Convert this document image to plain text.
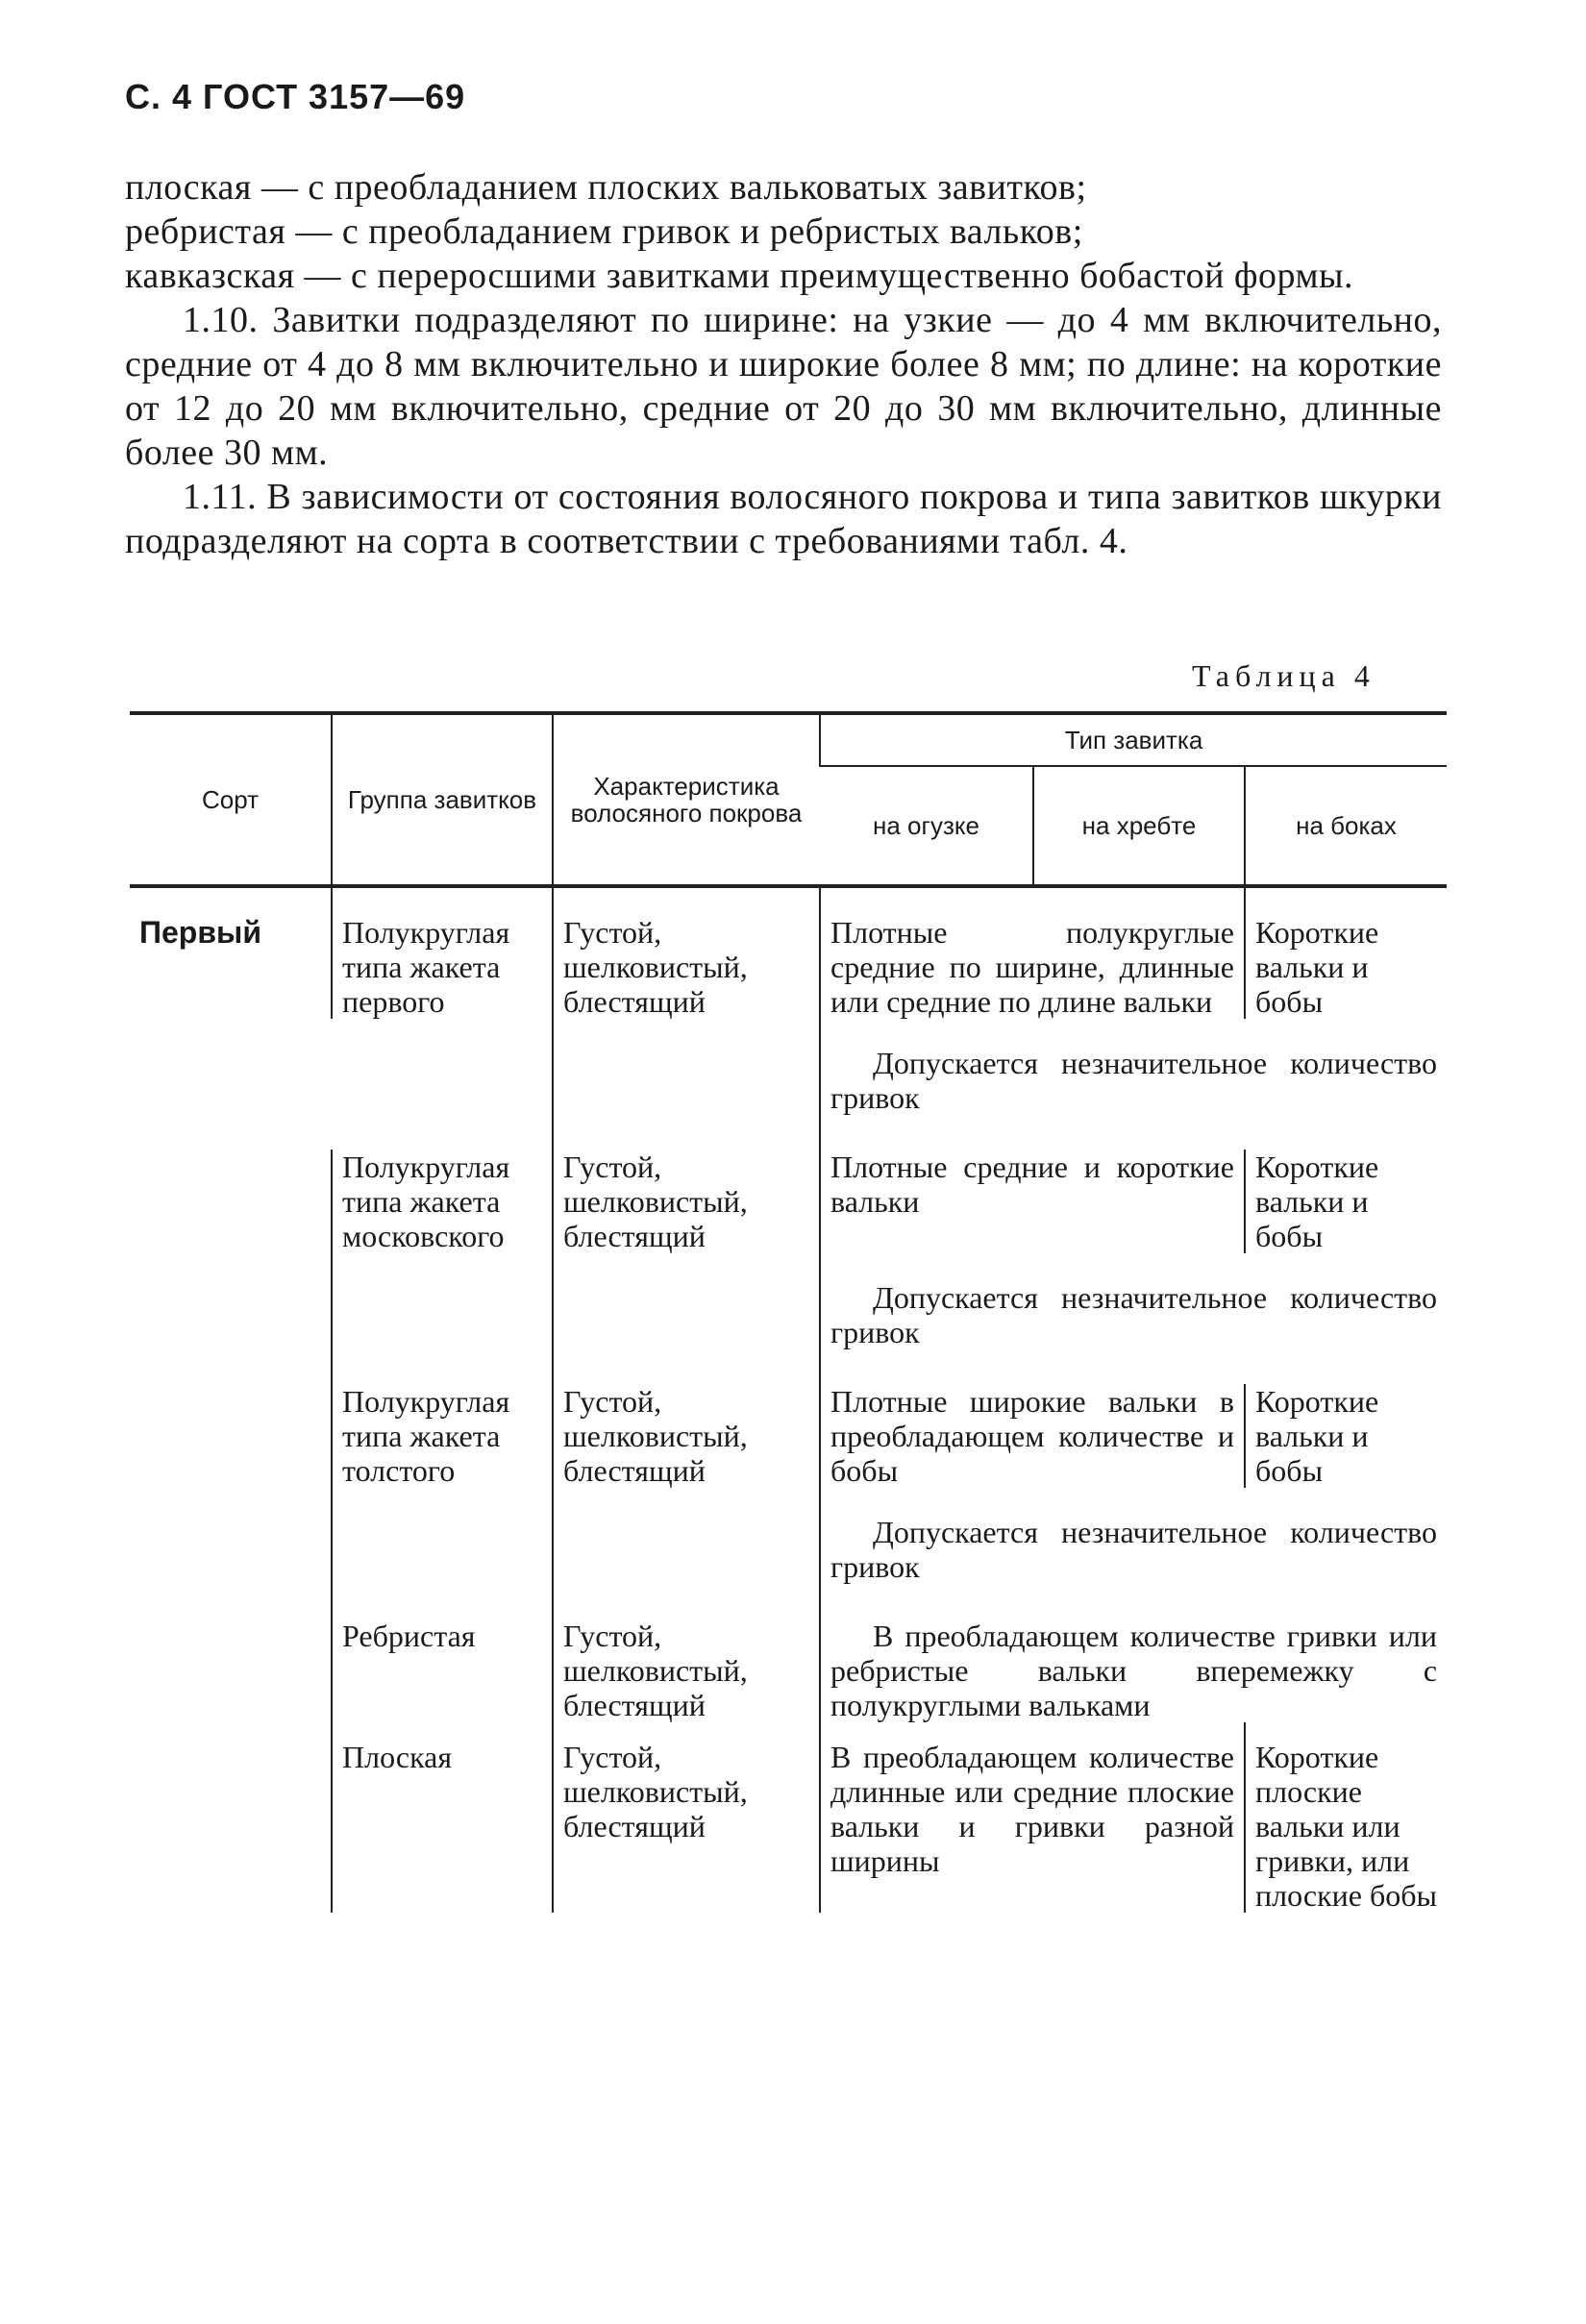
С. 4 ГОСТ 3157—69

плоская — с преобладанием плоских вальковатых завитков;

ребристая — с преобладанием гривок и ребристых вальков;

кавказская — с переросшими завитками преимущественно бобастой формы.

1.10. Завитки подразделяют по ширине: на узкие — до 4 мм включительно, средние от 4 до 8 мм включительно и широкие более 8 мм; по длине: на короткие от 12 до 20 мм включительно, средние от 20 до 30 мм включительно, длинные более 30 мм.

1.11. В зависимости от состояния волосяного покрова и типа завитков шкурки подразделяют на сорта в соответствии с требованиями табл. 4.

Таблица 4
Сорт	Группа завитков	Характеристика волосяного покрова	Тип завитка		
			на огузке	на хребте	на боках

Первый	Полукруглая типа жакета первого	Густой, шелковистый, блестящий	Плотные полукруглые средние по ширине, длинные или средние по длине вальки		Короткие вальки и бобы
			Допускается незначительное количество гривок		
	Полукруглая типа жакета московского	Густой, шелковистый, блестящий	Плотные средние и короткие вальки		Короткие вальки и бобы
			Допускается незначительное количество гривок		
	Полукруглая типа жакета толстого	Густой, шелковистый, блестящий	Плотные широкие вальки в преобладающем количестве и бобы		Короткие вальки и бобы
			Допускается незначительное количество гривок		
	Ребристая	Густой, шелковистый, блестящий	В преобладающем количестве гривки или ребристые вальки вперемежку с полукруглыми вальками		
	Плоская	Густой, шелковистый, блестящий	В преобладающем количестве длинные или средние плоские вальки и гривки разной ширины		Короткие плоские вальки или гривки, или плоские бобы
